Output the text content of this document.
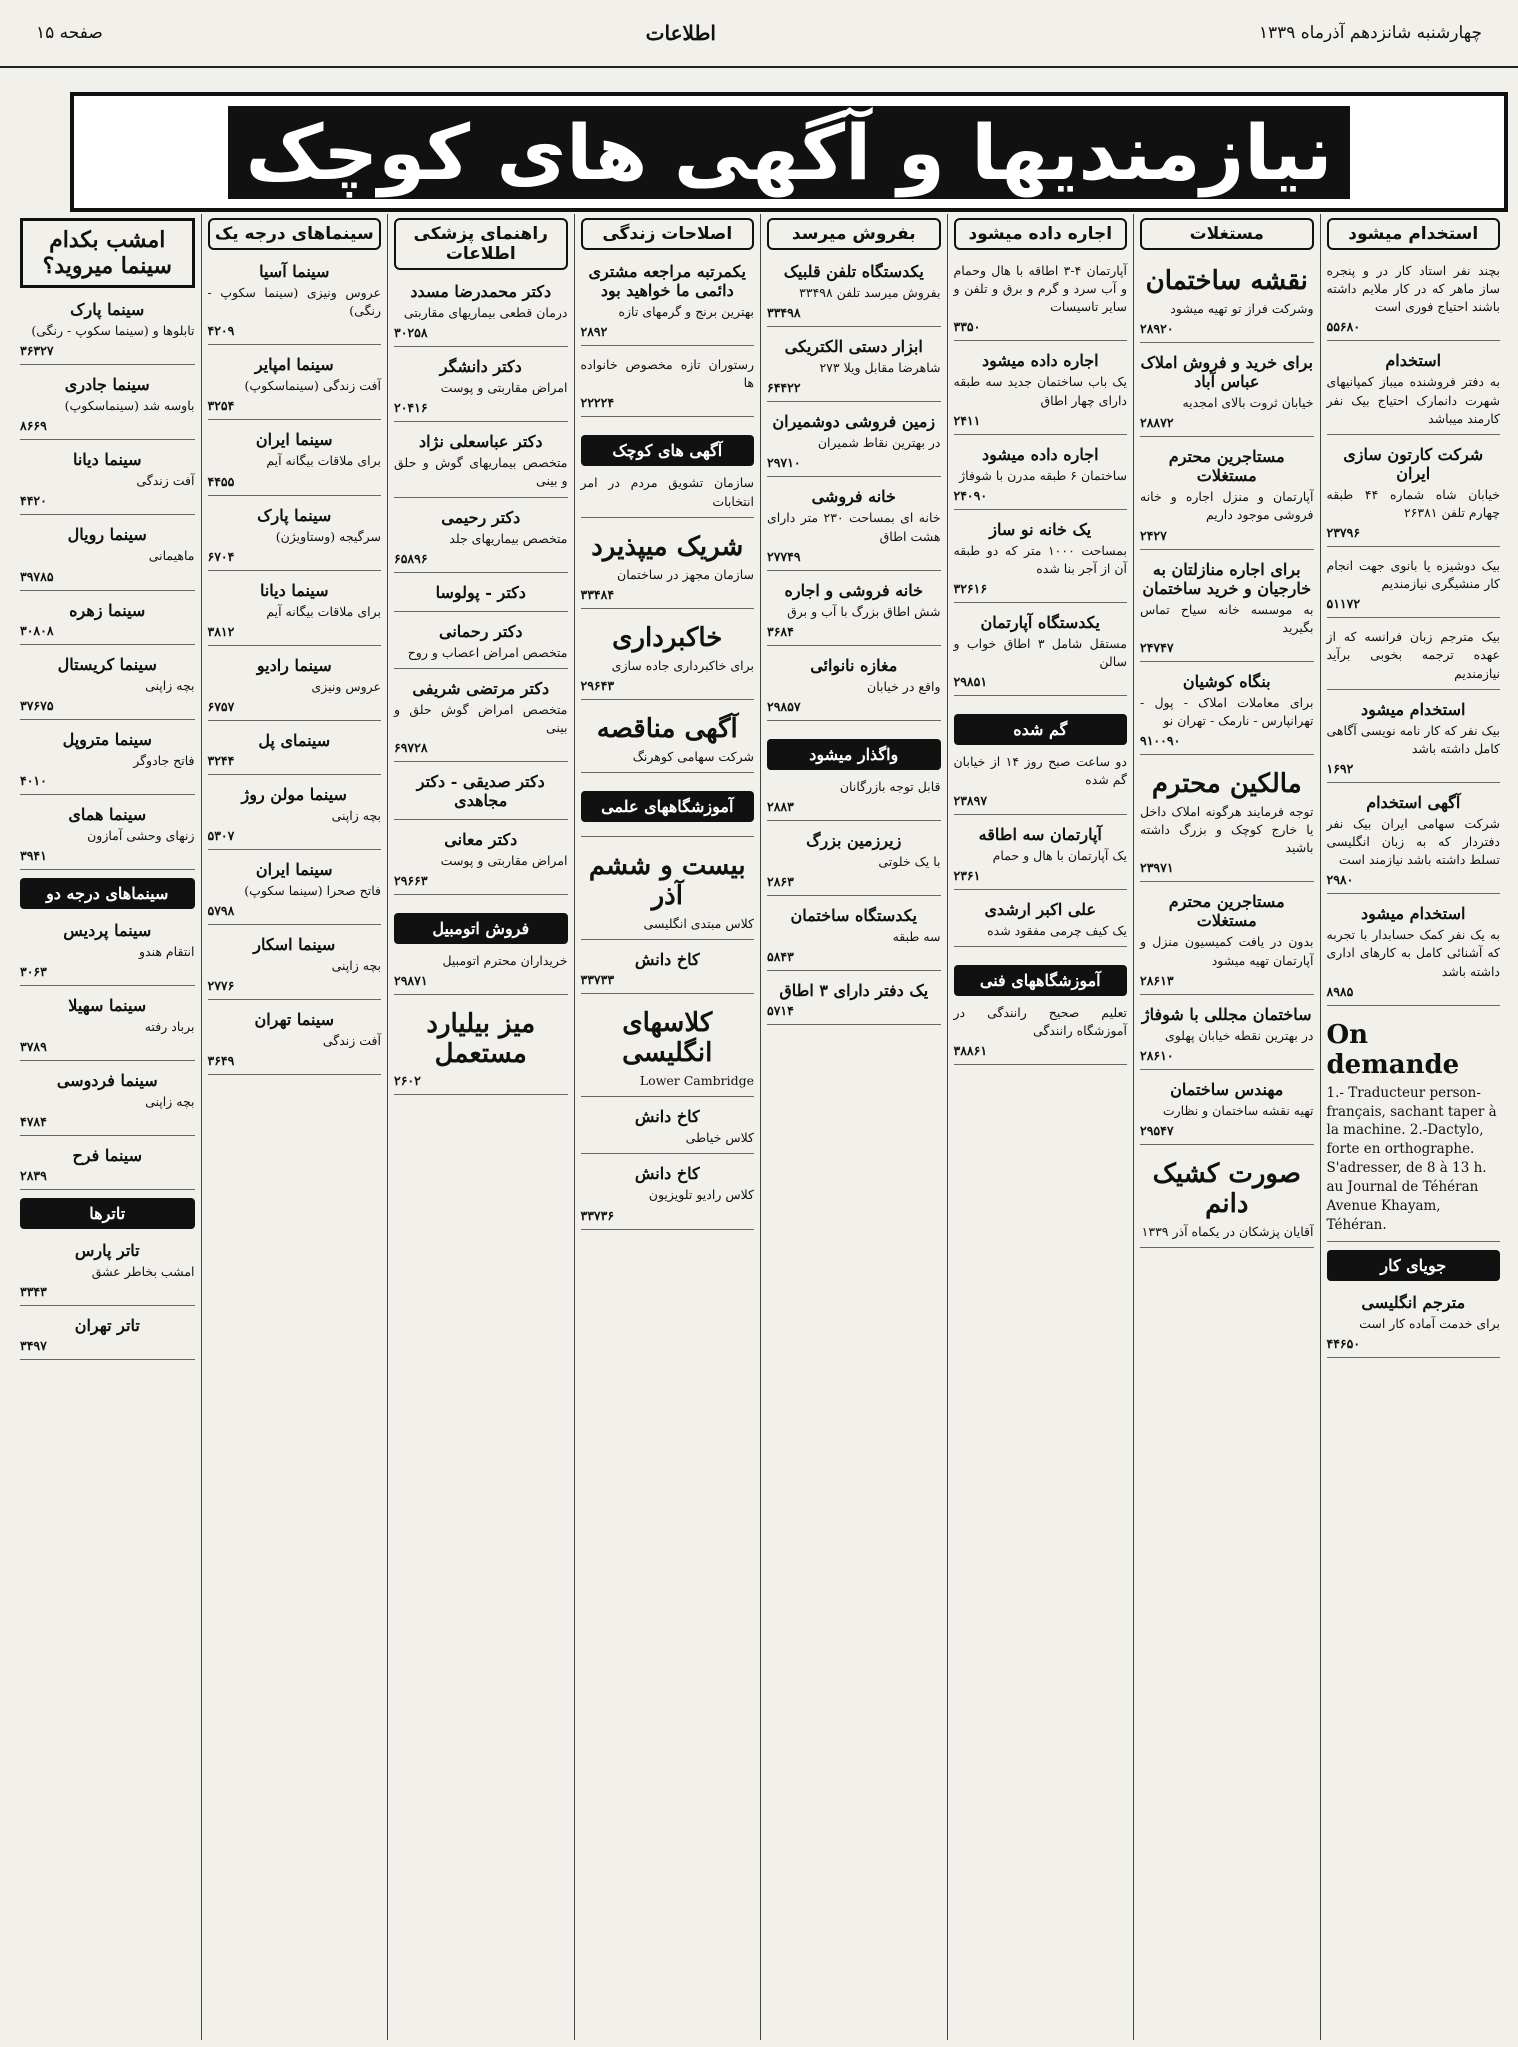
صفحه ۱۵	اطلاعات	چهارشنبه شانزدهم آذرماه ۱۳۳۹
نیازمندیها و آگهی های کوچک
استخدام میشود
بچند نفر استاد کار در و پنجره ساز ماهر که در کار ملایم داشته باشند احتیاج فوری است
۵۵۶۸۰
استخدام
به دفتر فروشنده میباز کمپانیهای شهرت دانمارک احتیاج بیک نفر کارمند میباشد
شرکت کارتون سازی ایران
خیابان شاه شماره ۴۴ طبقه چهارم تلفن ۲۶۳۸۱
۲۳۷۹۶
بیک دوشیزه یا بانوی جهت انجام کار منشیگری نیازمندیم
۵۱۱۷۲
بیک مترجم زبان فرانسه که از عهده ترجمه بخوبی برآید نیازمندیم
استخدام میشود
بیک نفر که کار نامه نویسی آگاهی کامل داشته باشد
۱۶۹۲
آگهی استخدام
شرکت سهامی ایران بیک نفر دفتردار که به زبان انگلیسی تسلط داشته باشد نیازمند است
۲۹۸۰
استخدام میشود
به یک نفر کمک حسابدار با تجربه که آشنائی کامل به کارهای اداری داشته باشد
۸۹۸۵
On demande
1.- Traducteur person-français, sachant taper à la machine. 2.-Dactylo, forte en orthographe. S'adresser, de 8 à 13 h. au Journal de Téhéran Avenue Khayam, Téhéran.
جویای کار
مترجم انگلیسی
برای خدمت آماده کار است
۴۴۶۵۰
مستغلات
نقشه ساختمان
وشرکت فراز تو تهیه میشود
۲۸۹۲۰
برای خرید و فروش املاک عباس آباد
خیابان ثروت بالای امجدیه
۲۸۸۷۲
مستاجرین محترم مستغلات
آپارتمان و منزل اجاره و خانه فروشی موجود داریم
۲۴۲۷
برای اجاره منازلتان به خارجیان و خرید ساختمان
به موسسه خانه سیاح تماس بگیرید
۲۴۷۴۷
بنگاه کوشیان
برای معاملات املاک - پول - تهرانپارس - نارمک - تهران نو
۹۱۰۰۹۰
مالکین محترم
توجه فرمایند هرگونه املاک داخل یا خارج کوچک و بزرگ داشته باشید
۲۳۹۷۱
مستاجرین محترم مستغلات
بدون در یافت کمیسیون منزل و آپارتمان تهیه میشود
۲۸۶۱۳
ساختمان مجللی با شوفاژ
در بهترین نقطه خیابان پهلوی
۲۸۶۱۰
مهندس ساختمان
تهیه نقشه ساختمان و نظارت
۲۹۵۴۷
صورت کشیک دانم
آقایان پزشکان در یکماه آذر ۱۳۳۹
اجاره داده میشود
آپارتمان ۴-۳ اطاقه با هال وحمام و آب سرد و گرم و برق و تلفن و سایر تاسیسات
۳۳۵۰
اجاره داده میشود
یک باب ساختمان جدید سه طبقه دارای چهار اطاق
۲۴۱۱
اجاره داده میشود
ساختمان ۶ طبقه مدرن با شوفاژ
۲۴۰۹۰
یک خانه نو ساز
بمساحت ۱۰۰۰ متر که دو طبقه آن از آجر بنا شده
۳۲۶۱۶
یکدستگاه آپارتمان
مستقل شامل ۳ اطاق خواب و سالن
۲۹۸۵۱
گم شده
دو ساعت صبح روز ۱۴ از خیابان گم شده
۲۳۸۹۷
آپارتمان سه اطاقه
یک آپارتمان با هال و حمام
۲۳۶۱
علی اکبر ارشدی
یک کیف چرمی مفقود شده
آموزشگاههای فنی
تعلیم صحیح رانندگی در آموزشگاه رانندگی
۳۸۸۶۱
بفروش میرسد
یکدستگاه تلفن قلبیک
بفروش میرسد تلفن ۳۳۴۹۸
۳۳۴۹۸
ابزار دستی الکتریکی
شاهرضا مقابل ویلا ۲۷۳
۶۴۴۲۲
زمین فروشی دوشمیران
در بهترین نقاط شمیران
۲۹۷۱۰
خانه فروشی
خانه ای بمساحت ۲۳۰ متر دارای هشت اطاق
۲۷۷۴۹
خانه فروشی و اجاره
شش اطاق بزرگ با آب و برق
۳۶۸۴
مغازه نانوائی
واقع در خیابان
۲۹۸۵۷
واگذار میشود
قابل توجه بازرگانان
۲۸۸۳
زیرزمین بزرگ
با یک خلوتی
۲۸۶۳
یکدستگاه ساختمان
سه طبقه
۵۸۴۳
یک دفتر دارای ۳ اطاق
۵۷۱۴
اصلاحات زندگی
یکمرتبه مراجعه مشتری دائمی ما خواهید بود
بهترین برنج و گرمهای تازه
۲۸۹۲
رستوران تازه مخصوص خانواده ها
۲۲۲۲۴
آگهی های کوچک
سازمان تشویق مردم در امر انتخابات
شریک میپذیرد
سازمان مجهز در ساختمان
۳۳۴۸۴
خاکبرداری
برای خاکبرداری جاده سازی
۲۹۶۴۳
آگهی مناقصه
شرکت سهامی کوهرنگ
آموزشگاههای علمی
بیست و ششم آذر
کلاس مبتدی انگلیسی
کاخ دانش
۳۳۷۳۳
کلاسهای انگلیسی
Lower Cambridge
کاخ دانش
کلاس خیاطی
کاخ دانش
کلاس رادیو تلویزیون
۳۳۷۳۶
راهنمای پزشکی اطلاعات
دکتر محمدرضا مسدد
درمان قطعی بیماریهای مقاربتی
۳۰۲۵۸
دکتر دانشگر
امراض مقاربتی و پوست
۲۰۴۱۶
دکتر عباسعلی نژاد
متخصص بیماریهای گوش و حلق و بینی
دکتر رحیمی
متخصص بیماریهای جلد
۶۵۸۹۶
دکتر - پولوسا
دکتر رحمانی
متخصص امراض اعصاب و روح
دکتر مرتضی شریفی
متخصص امراض گوش حلق و بینی
۶۹۷۲۸
دکتر صدیقی - دکتر مجاهدی
دکتر معانی
امراض مقاربتی و پوست
۲۹۶۶۳
فروش اتومبیل
خریداران محترم اتومبیل
۲۹۸۷۱
میز بیلیارد مستعمل
۲۶۰۲
سینماهای درجه یک
سینما آسیا
عروس ونیزی (سینما سکوپ - رنگی)
۴۲۰۹
سینما امپایر
آفت زندگی (سینماسکوپ)
۳۲۵۴
سینما ایران
برای ملاقات بیگانه آیم
۴۴۵۵
سینما پارک
سرگیجه (وستاویژن)
۶۷۰۴
سینما دیانا
برای ملاقات بیگانه آیم
۳۸۱۲
سینما رادیو
عروس ونیزی
۶۷۵۷
سینمای پل
۳۲۴۴
سینما مولن روژ
بچه زاپنی
۵۳۰۷
سینما ایران
فاتح صحرا (سینما سکوپ)
۵۷۹۸
سینما اسکار
بچه زاپنی
۲۷۷۶
سینما تهران
آفت زندگی
۳۶۴۹
امشب بکدام سینما میروید؟
سینما پارک
تابلوها و (سینما سکوپ - رنگی)
۳۶۳۲۷
سینما جادری
باوسه شد (سینماسکوپ)
۸۶۶۹
سینما دیانا
آفت زندگی
۴۴۲۰
سینما رویال
ماهیمانی
۳۹۷۸۵
سینما زهره
۳۰۸۰۸
سینما کریستال
بچه زاپنی
۳۷۶۷۵
سینما متروپل
فاتح جادوگر
۴۰۱۰
سینما همای
زنهای وحشی آمازون
۳۹۴۱
سینماهای درجه دو
سینما پردیس
انتقام هندو
۳۰۶۳
سینما سهیلا
برباد رفته
۳۷۸۹
سینما فردوسی
بچه زاپنی
۴۷۸۴
سینما فرح
۲۸۳۹
تاترها
تاتر پارس
امشب بخاطر عشق
۳۳۴۳
تاتر تهران
۳۴۹۷
